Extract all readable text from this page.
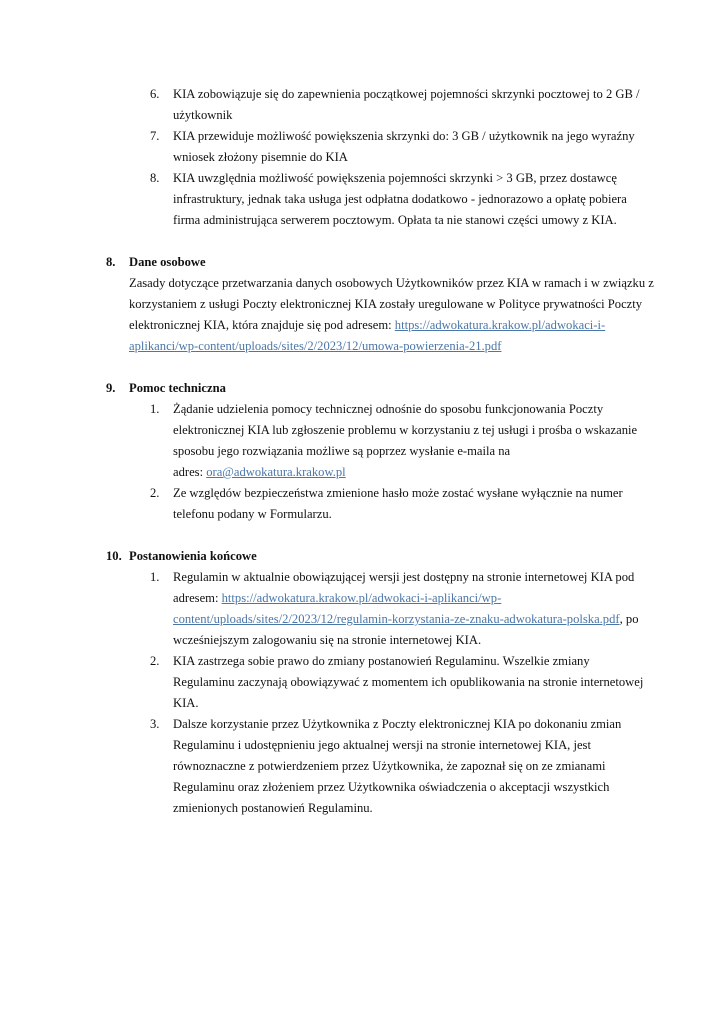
6. KIA zobowiązuje się do zapewnienia początkowej pojemności skrzynki pocztowej to 2 GB /
użytkownik
7. KIA przewiduje możliwość powiększenia skrzynki do: 3 GB / użytkownik na jego wyraźny
wniosek złożony pisemnie do KIA
8. KIA uwzględnia możliwość powiększenia pojemności skrzynki > 3 GB, przez dostawcę
infrastruktury, jednak taka usługa jest odpłatna dodatkowo - jednorazowo a opłatę pobiera
firma administrująca serwerem pocztowym. Opłata ta nie stanowi części umowy z KIA.
8. Dane osobowe
Zasady dotyczące przetwarzania danych osobowych Użytkowników przez KIA w ramach i w związku z
korzystaniem z usługi Poczty elektronicznej KIA zostały uregulowane w Polityce prywatności Poczty
elektronicznej KIA, która znajduje się pod adresem: https://adwokatura.krakow.pl/adwokaci-i-
aplikanci/wp-content/uploads/sites/2/2023/12/umowa-powierzenia-21.pdf
9. Pomoc techniczna
1. Żądanie udzielenia pomocy technicznej odnośnie do sposobu funkcjonowania Poczty
elektronicznej KIA lub zgłoszenie problemu w korzystaniu z tej usługi i prośba o wskazanie
sposobu jego rozwiązania możliwe są poprzez wysłanie e-maila na
adres: ora@adwokatura.krakow.pl
2. Ze względów bezpieczeństwa zmienione hasło może zostać wysłane wyłącznie na numer
telefonu podany w Formularzu.
10. Postanowienia końcowe
1. Regulamin w aktualnie obowiązującej wersji jest dostępny na stronie internetowej KIA pod
adresem: https://adwokatura.krakow.pl/adwokaci-i-aplikanci/wp-
content/uploads/sites/2/2023/12/regulamin-korzystania-ze-znaku-adwokatura-polska.pdf, po
wcześniejszym zalogowaniu się na stronie internetowej KIA.
2. KIA zastrzega sobie prawo do zmiany postanowień Regulaminu. Wszelkie zmiany
Regulaminu zaczynają obowiązywać z momentem ich opublikowania na stronie internetowej
KIA.
3. Dalsze korzystanie przez Użytkownika z Poczty elektronicznej KIA po dokonaniu zmian
Regulaminu i udostępnieniu jego aktualnej wersji na stronie internetowej KIA, jest
równoznaczne z potwierdzeniem przez Użytkownika, że zapoznał się on ze zmianami
Regulaminu oraz złożeniem przez Użytkownika oświadczenia o akceptacji wszystkich
zmienionych postanowień Regulaminu.
